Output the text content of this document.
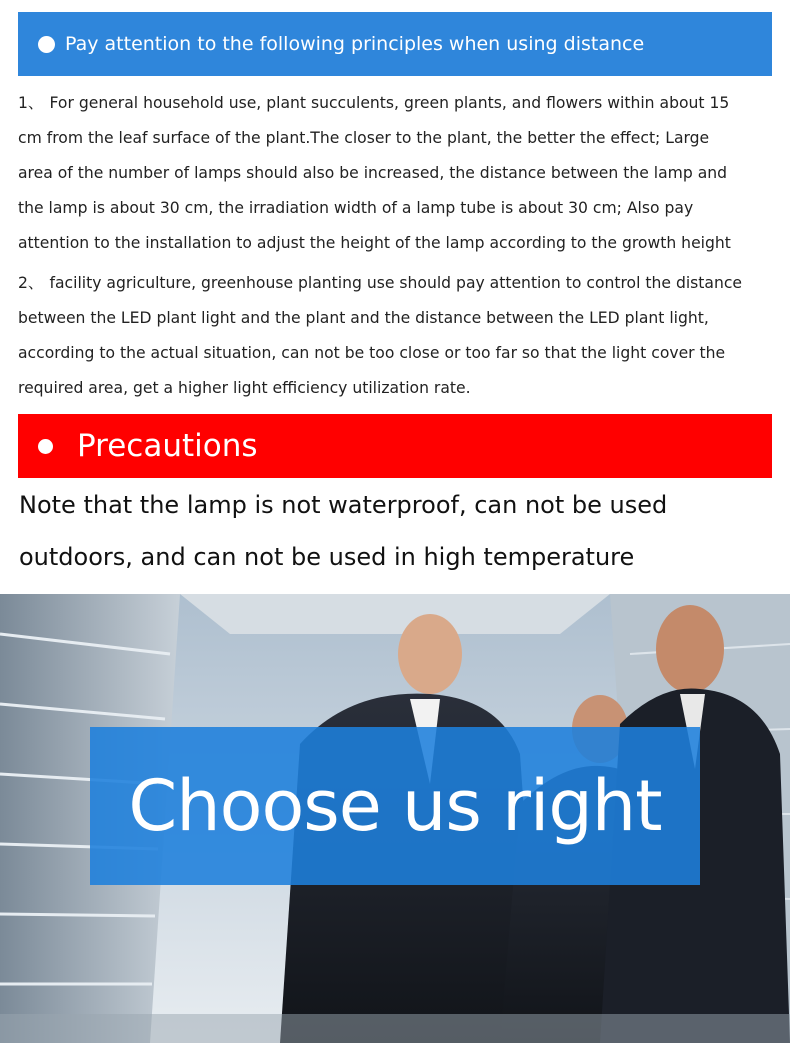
Pay attention to the following principles when using distance
1、 For general household use, plant succulents, green plants, and flowers within about 15
cm from the leaf surface of the plant.The closer to the plant, the better the effect; Large
area of the number of lamps should also be increased, the distance between the lamp and
the lamp is about 30 cm, the irradiation width of a lamp tube is about 30 cm; Also pay
attention to the installation to adjust the height of the lamp according to the growth height
2、 facility agriculture, greenhouse planting use should pay attention to control the distance
between the LED plant light and the plant and the distance between the LED plant light,
according to the actual situation, can not be too close or too far so that the light cover the
required area, get a higher light efficiency utilization rate.
Precautions
Note that the lamp is not waterproof, can not be used
outdoors, and can not be used in high temperature
Choose us right
